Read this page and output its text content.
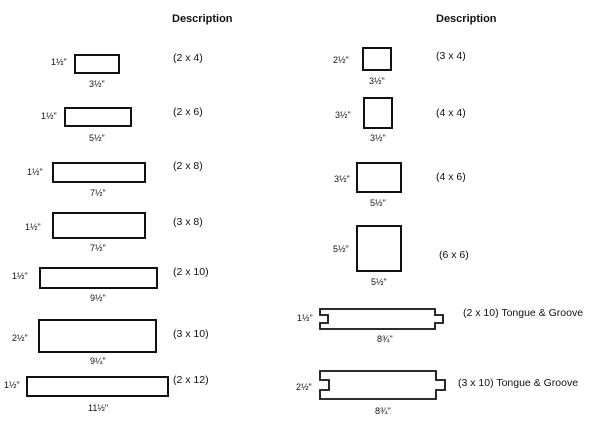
Description	Description
1½"
3½"
(2 x 4)
1½"
5½"
(2 x 6)
1½"
7½"
(2 x 8)
1½"
7½"
(3 x 8)
1½"
9½"
(2 x 10)
2½"
9¼"
(3 x 10)
1½"
11½"
(2 x 12)
2½"
3½"
(3 x 4)
3½"
3½"
(4 x 4)
3½"
5½"
(4 x 6)
5½"
5½"
(6 x 6)
1½"
8¾"
(2 x 10) Tongue & Groove
2½"
8¾"
(3 x 10) Tongue & Groove
